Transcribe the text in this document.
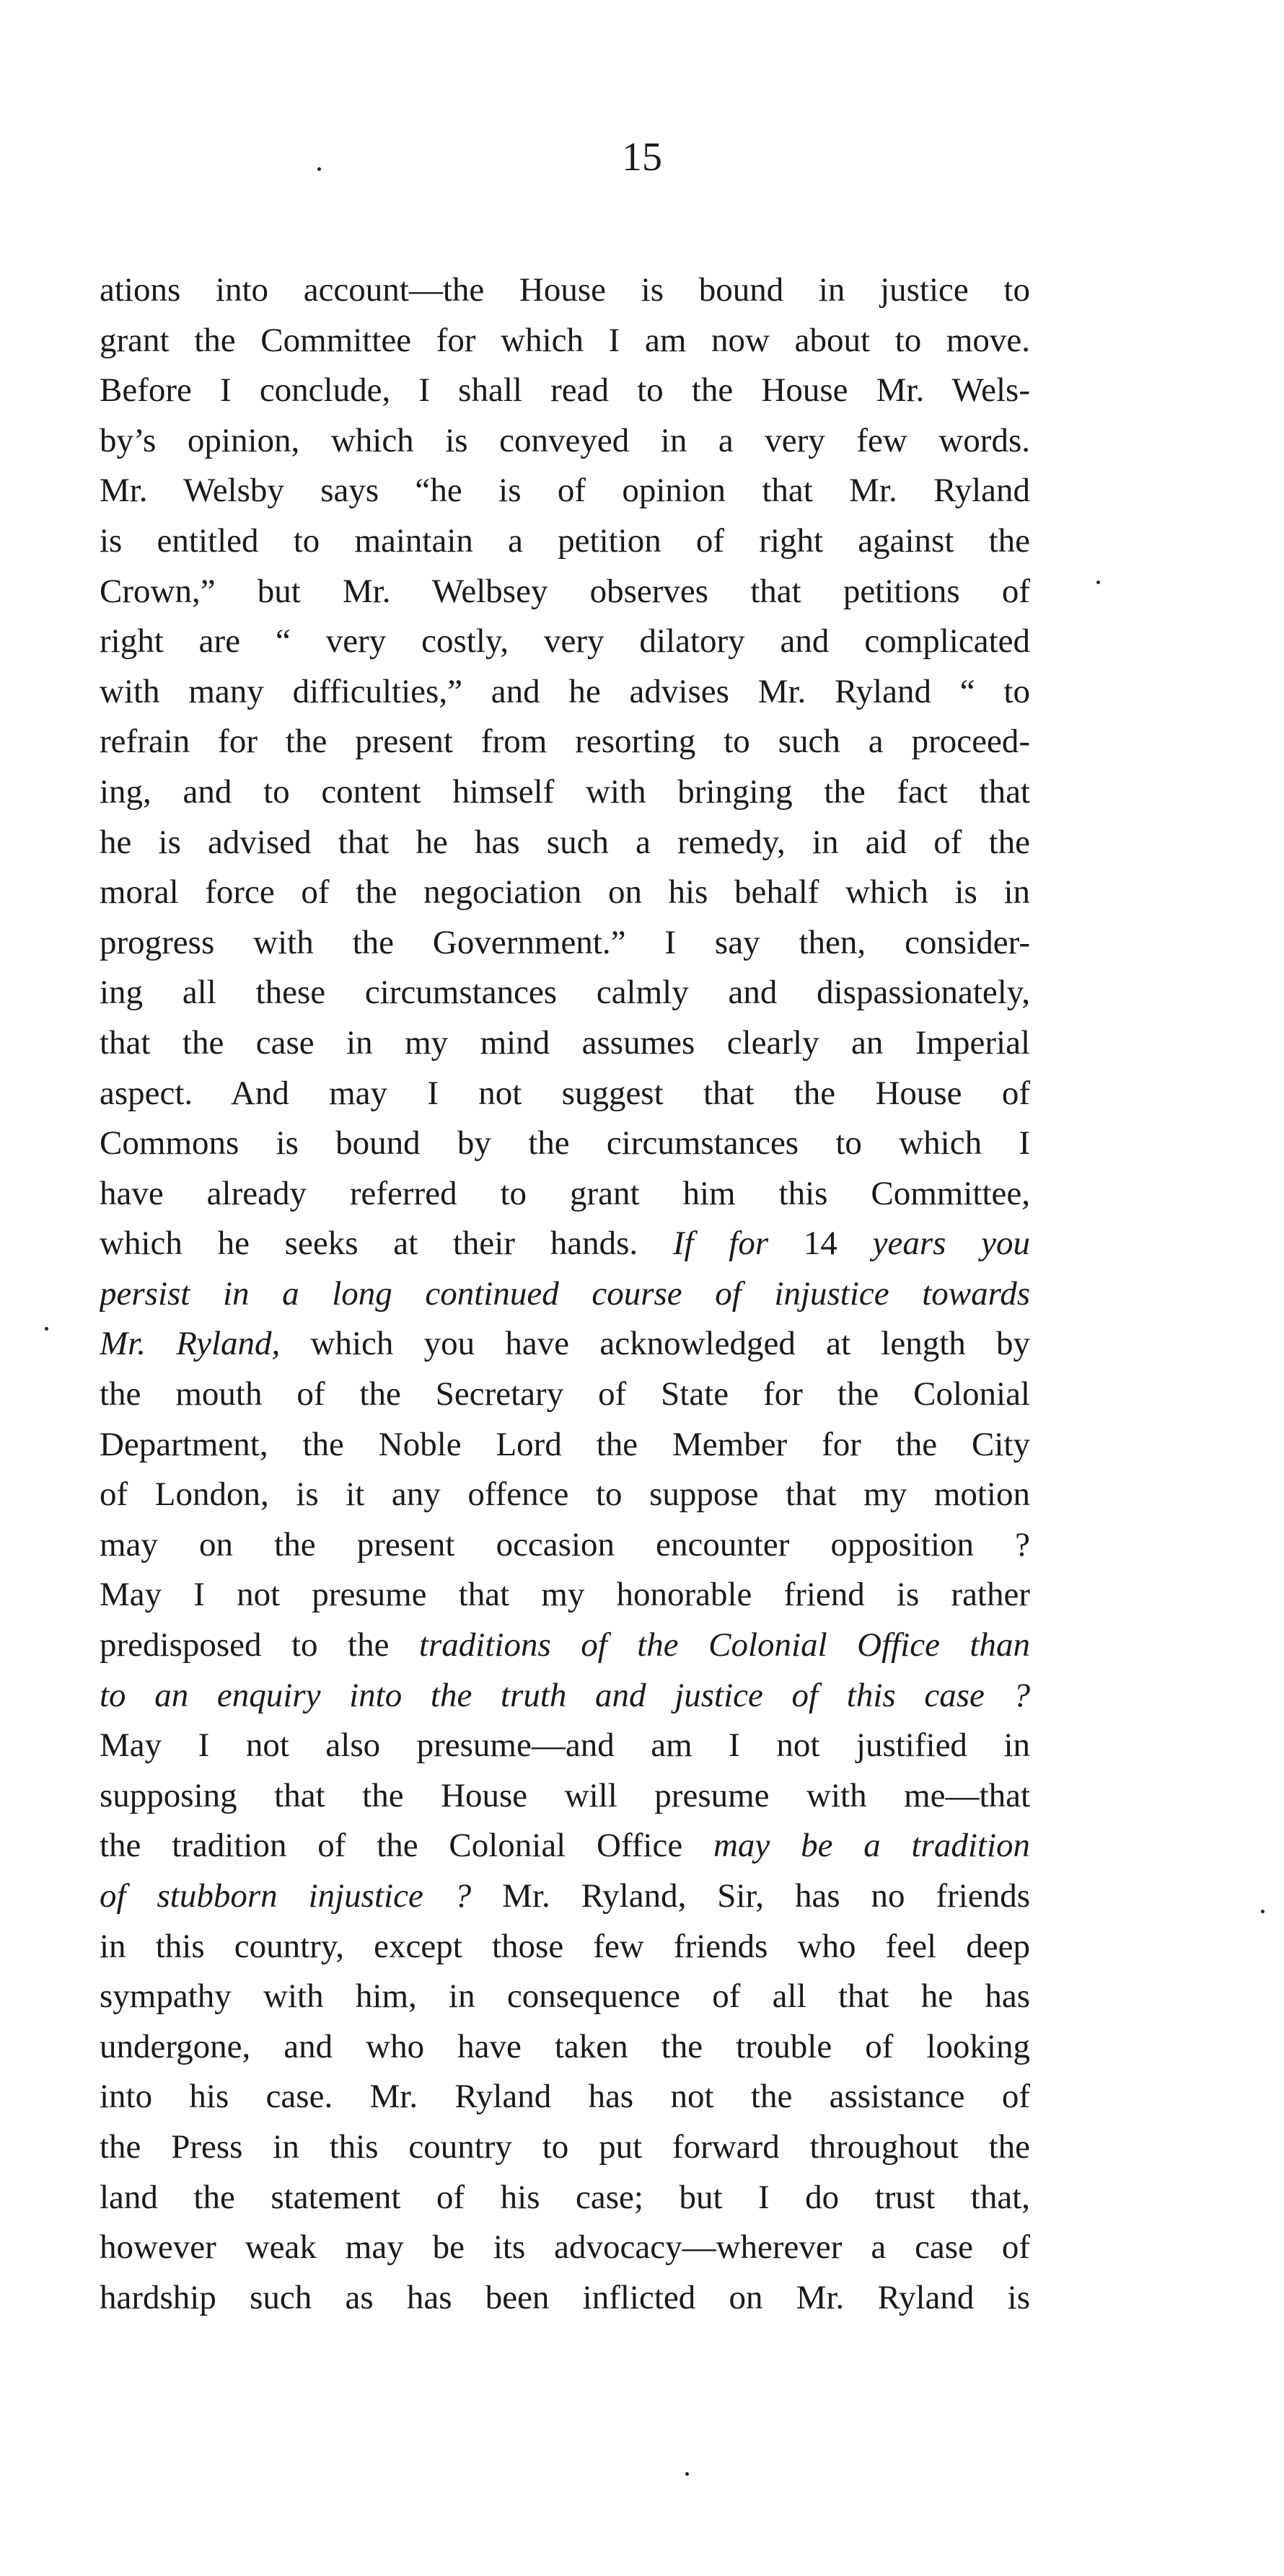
15
ations into account—the House is bound in justice to
grant the Committee for which I am now about to move.
Before I conclude, I shall read to the House Mr. Wels-
by’s opinion, which is conveyed in a very few words.
Mr. Welsby says “he is of opinion that Mr. Ryland
is entitled to maintain a petition of right against the
Crown,” but Mr. Welbsey observes that petitions of
right are “ very costly, very dilatory and complicated
with many difficulties,” and he advises Mr. Ryland “ to
refrain for the present from resorting to such a proceed-
ing, and to content himself with bringing the fact that
he is advised that he has such a remedy, in aid of the
moral force of the negociation on his behalf which is in
progress with the Government.” I say then, consider-
ing all these circumstances calmly and dispassionately,
that the case in my mind assumes clearly an Imperial
aspect. And may I not suggest that the House of
Commons is bound by the circumstances to which I
have already referred to grant him this Committee,
which he seeks at their hands. If for 14 years you
persist in a long continued course of injustice towards
Mr. Ryland, which you have acknowledged at length by
the mouth of the Secretary of State for the Colonial
Department, the Noble Lord the Member for the City
of London, is it any offence to suppose that my motion
may on the present occasion encounter opposition ?
May I not presume that my honorable friend is rather
predisposed to the traditions of the Colonial Office than
to an enquiry into the truth and justice of this case ?
May I not also presume—and am I not justified in
supposing that the House will presume with me—that
the tradition of the Colonial Office may be a tradition
of stubborn injustice ? Mr. Ryland, Sir, has no friends
in this country, except those few friends who feel deep
sympathy with him, in consequence of all that he has
undergone, and who have taken the trouble of looking
into his case. Mr. Ryland has not the assistance of
the Press in this country to put forward throughout the
land the statement of his case; but I do trust that,
however weak may be its advocacy—wherever a case of
hardship such as has been inflicted on Mr. Ryland is
